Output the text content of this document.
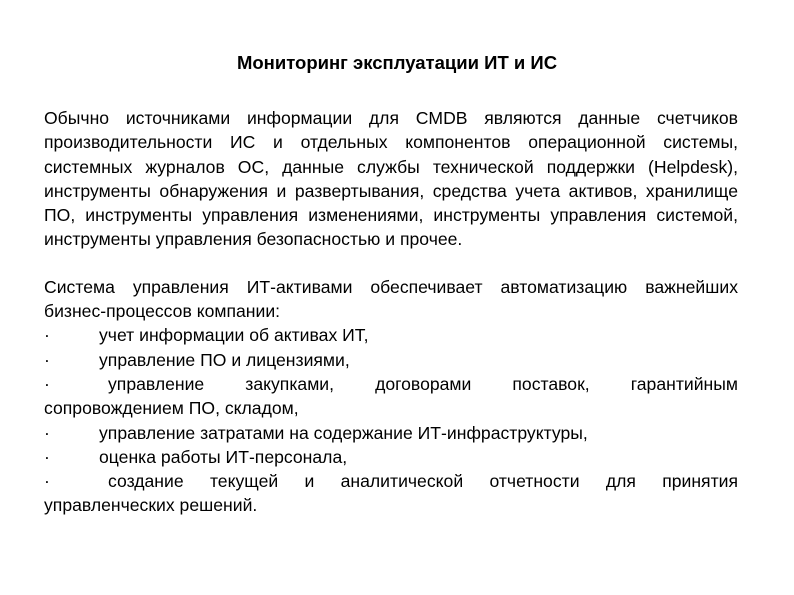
Мониторинг эксплуатации ИТ и ИС

Обычно источниками информации для CMDB являются данные счетчиков производительности ИС и отдельных компонентов операционной системы, системных журналов ОС, данные службы технической поддержки (Helpdesk), инструменты обнаружения и развертывания, средства учета активов, хранилище ПО, инструменты управления изменениями, инструменты управления системой, инструменты управления безопасностью и прочее.

Система управления ИТ-активами обеспечивает автоматизацию важнейших бизнес-процессов компании:

·	учет информации об активах ИТ,
·	управление ПО и лицензиями,
·	управление закупками, договорами поставок, гарантийным сопровождением ПО, складом,
·	управление затратами на содержание ИТ-инфраструктуры,
·	оценка работы ИТ-персонала,
·	создание текущей и аналитической отчетности для принятия управленческих решений.
